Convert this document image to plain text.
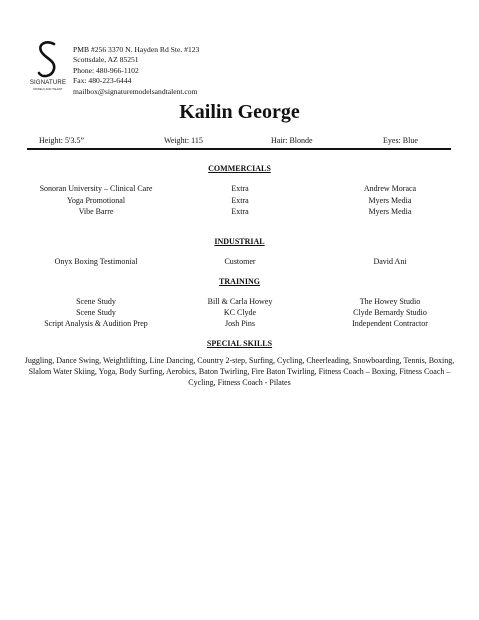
SIGNATURE
MODELS AND TALENT
PMB #256 3370 N. Hayden Rd Ste. #123
Scottsdale, AZ 85251
Phone: 480-966-1102
Fax: 480-223-6444
mailbox@signaturemodelsandtalent.com
Kailin George
Height: 5'3.5”	Weight: 115	Hair: Blonde	Eyes: Blue
COMMERCIALS
Sonoran University – Clinical Care	Extra	Andrew Moraca
Yoga Promotional	Extra	Myers Media
Vibe Barre	Extra	Myers Media
INDUSTRIAL
Onyx Boxing Testimonial	Customer	David Ani
TRAINING
Scene Study	Bill & Carla Howey	The Howey Studio
Scene Study	KC Clyde	Clyde Bernardy Studio
Script Analysis & Audition Prep	Josh Pins	Independent Contractor
SPECIAL SKILLS
Juggling, Dance Swing, Weightlifting, Line Dancing, Country 2-step, Surfing, Cycling, Cheerleading, Snowboarding, Tennis, Boxing, Slalom Water Skiing, Yoga, Body Surfing, Aerobics, Baton Twirling, Fire Baton Twirling, Fitness Coach – Boxing, Fitness Coach – Cycling, Fitness Coach - Pilates
